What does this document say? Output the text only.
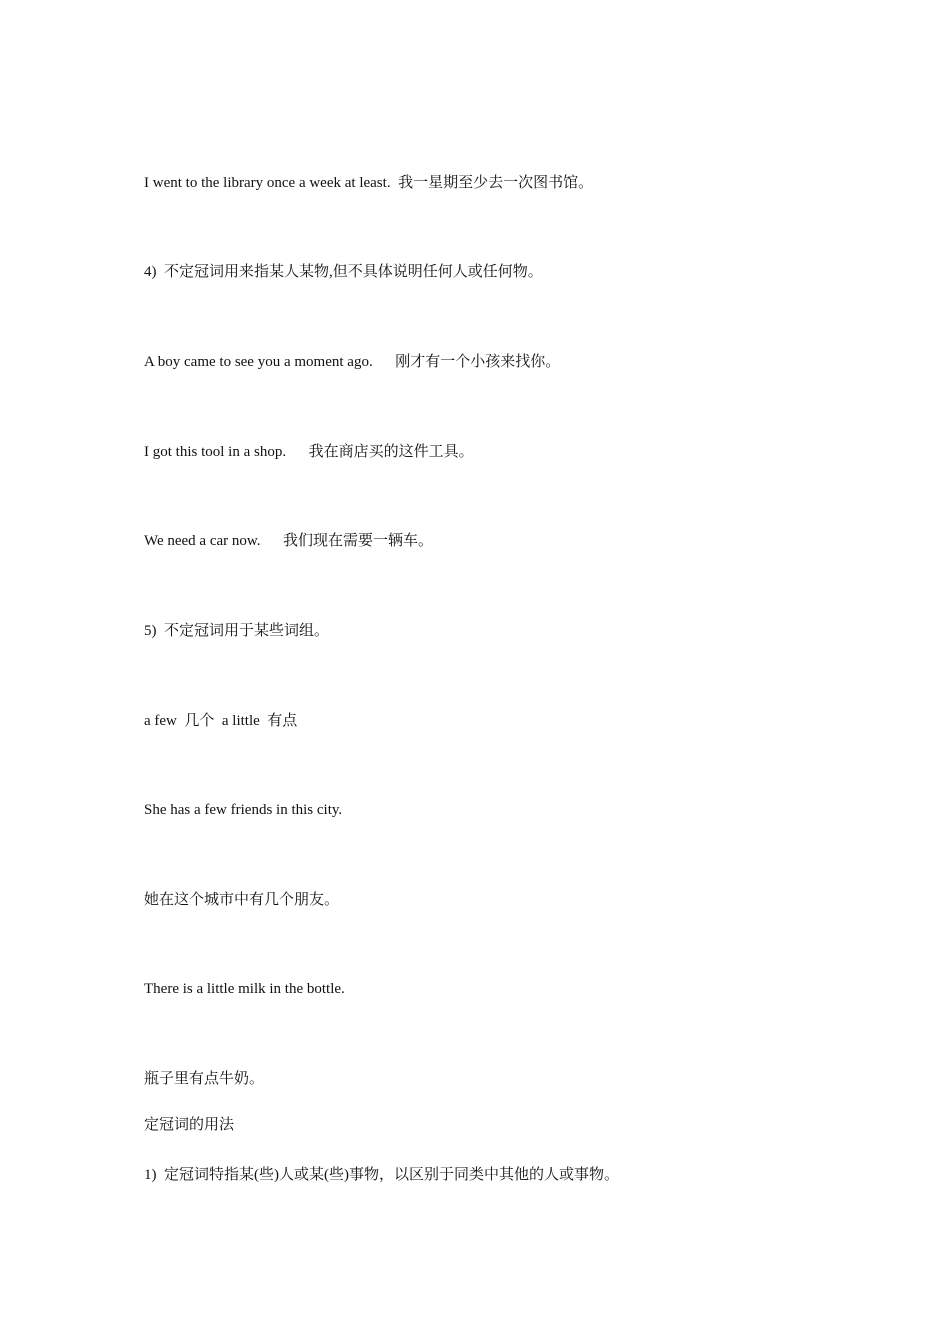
I went to the library once a week at least.  我一星期至少去一次图书馆。

4)  不定冠词用来指某人某物,但不具体说明任何人或任何物。

A boy came to see you a moment ago.      刚才有一个小孩来找你。

I got this tool in a shop.      我在商店买的这件工具。

We need a car now.      我们现在需要一辆车。

5)  不定冠词用于某些词组。

a few  几个  a little  有点

She has a few friends in this city.

她在这个城市中有几个朋友。

There is a little milk in the bottle.

瓶子里有点牛奶。

定冠词的用法

1)  定冠词特指某(些)人或某(些)事物，以区别于同类中其他的人或事物。
